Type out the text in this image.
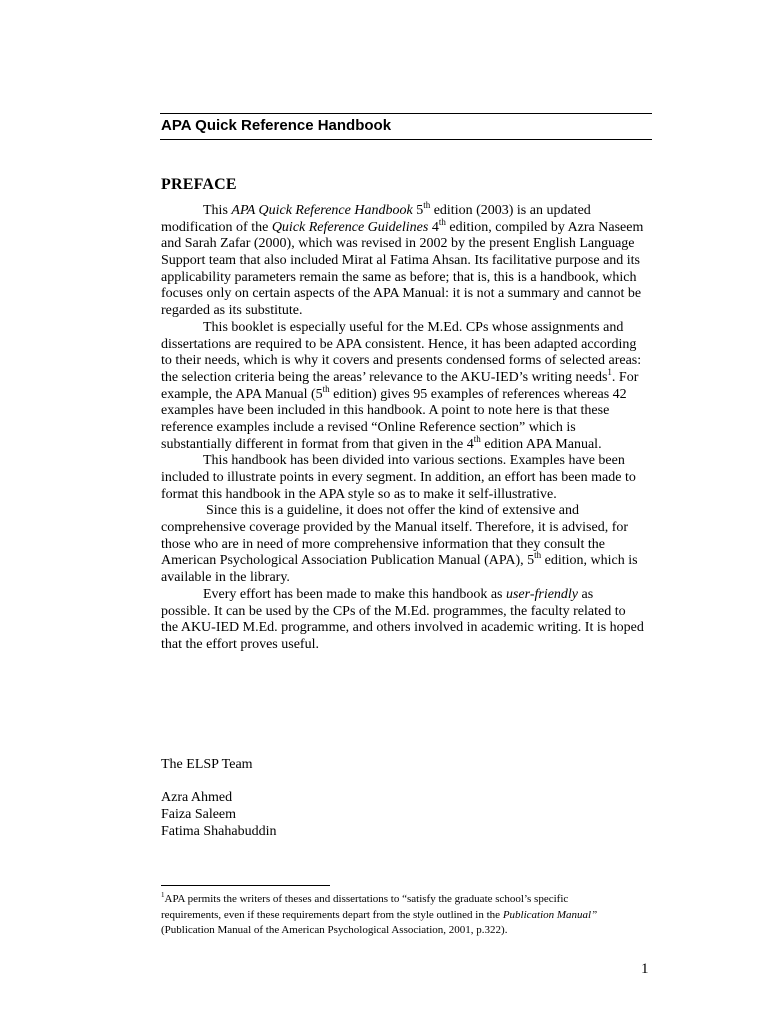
APA Quick Reference Handbook
PREFACE
This APA Quick Reference Handbook 5th edition (2003) is an updated
modification of the Quick Reference Guidelines 4th edition, compiled by Azra Naseem
and Sarah Zafar (2000), which was revised in 2002 by the present English Language
Support team that also included Mirat al Fatima Ahsan. Its facilitative purpose and its
applicability parameters remain the same as before; that is, this is a handbook, which
focuses only on certain aspects of the APA Manual: it is not a summary and cannot be
regarded as its substitute.
This booklet is especially useful for the M.Ed. CPs whose assignments and
dissertations are required to be APA consistent. Hence, it has been adapted according
to their needs, which is why it covers and presents condensed forms of selected areas:
the selection criteria being the areas’ relevance to the AKU-IED’s writing needs$^1$. For
example, the APA Manual (5th edition) gives 95 examples of references whereas 42
examples have been included in this handbook. A point to note here is that these
reference examples include a revised “Online Reference section” which is
substantially different in format from that given in the 4th edition APA Manual.
This handbook has been divided into various sections. Examples have been
included to illustrate points in every segment. In addition, an effort has been made to
format this handbook in the APA style so as to make it self-illustrative.
Since this is a guideline, it does not offer the kind of extensive and
comprehensive coverage provided by the Manual itself. Therefore, it is advised, for
those who are in need of more comprehensive information that they consult the
American Psychological Association Publication Manual (APA), 5th edition, which is
available in the library.
Every effort has been made to make this handbook as user-friendly as
possible. It can be used by the CPs of the M.Ed. programmes, the faculty related to
the AKU-IED M.Ed. programme, and others involved in academic writing. It is hoped
that the effort proves useful.
The ELSP Team
Azra Ahmed
Faiza Saleem
Fatima Shahabuddin
$^1$APA permits the writers of theses and dissertations to “satisfy the graduate school’s specific
requirements, even if these requirements depart from the style outlined in the Publication Manual”
(Publication Manual of the American Psychological Association, 2001, p.322).
1
